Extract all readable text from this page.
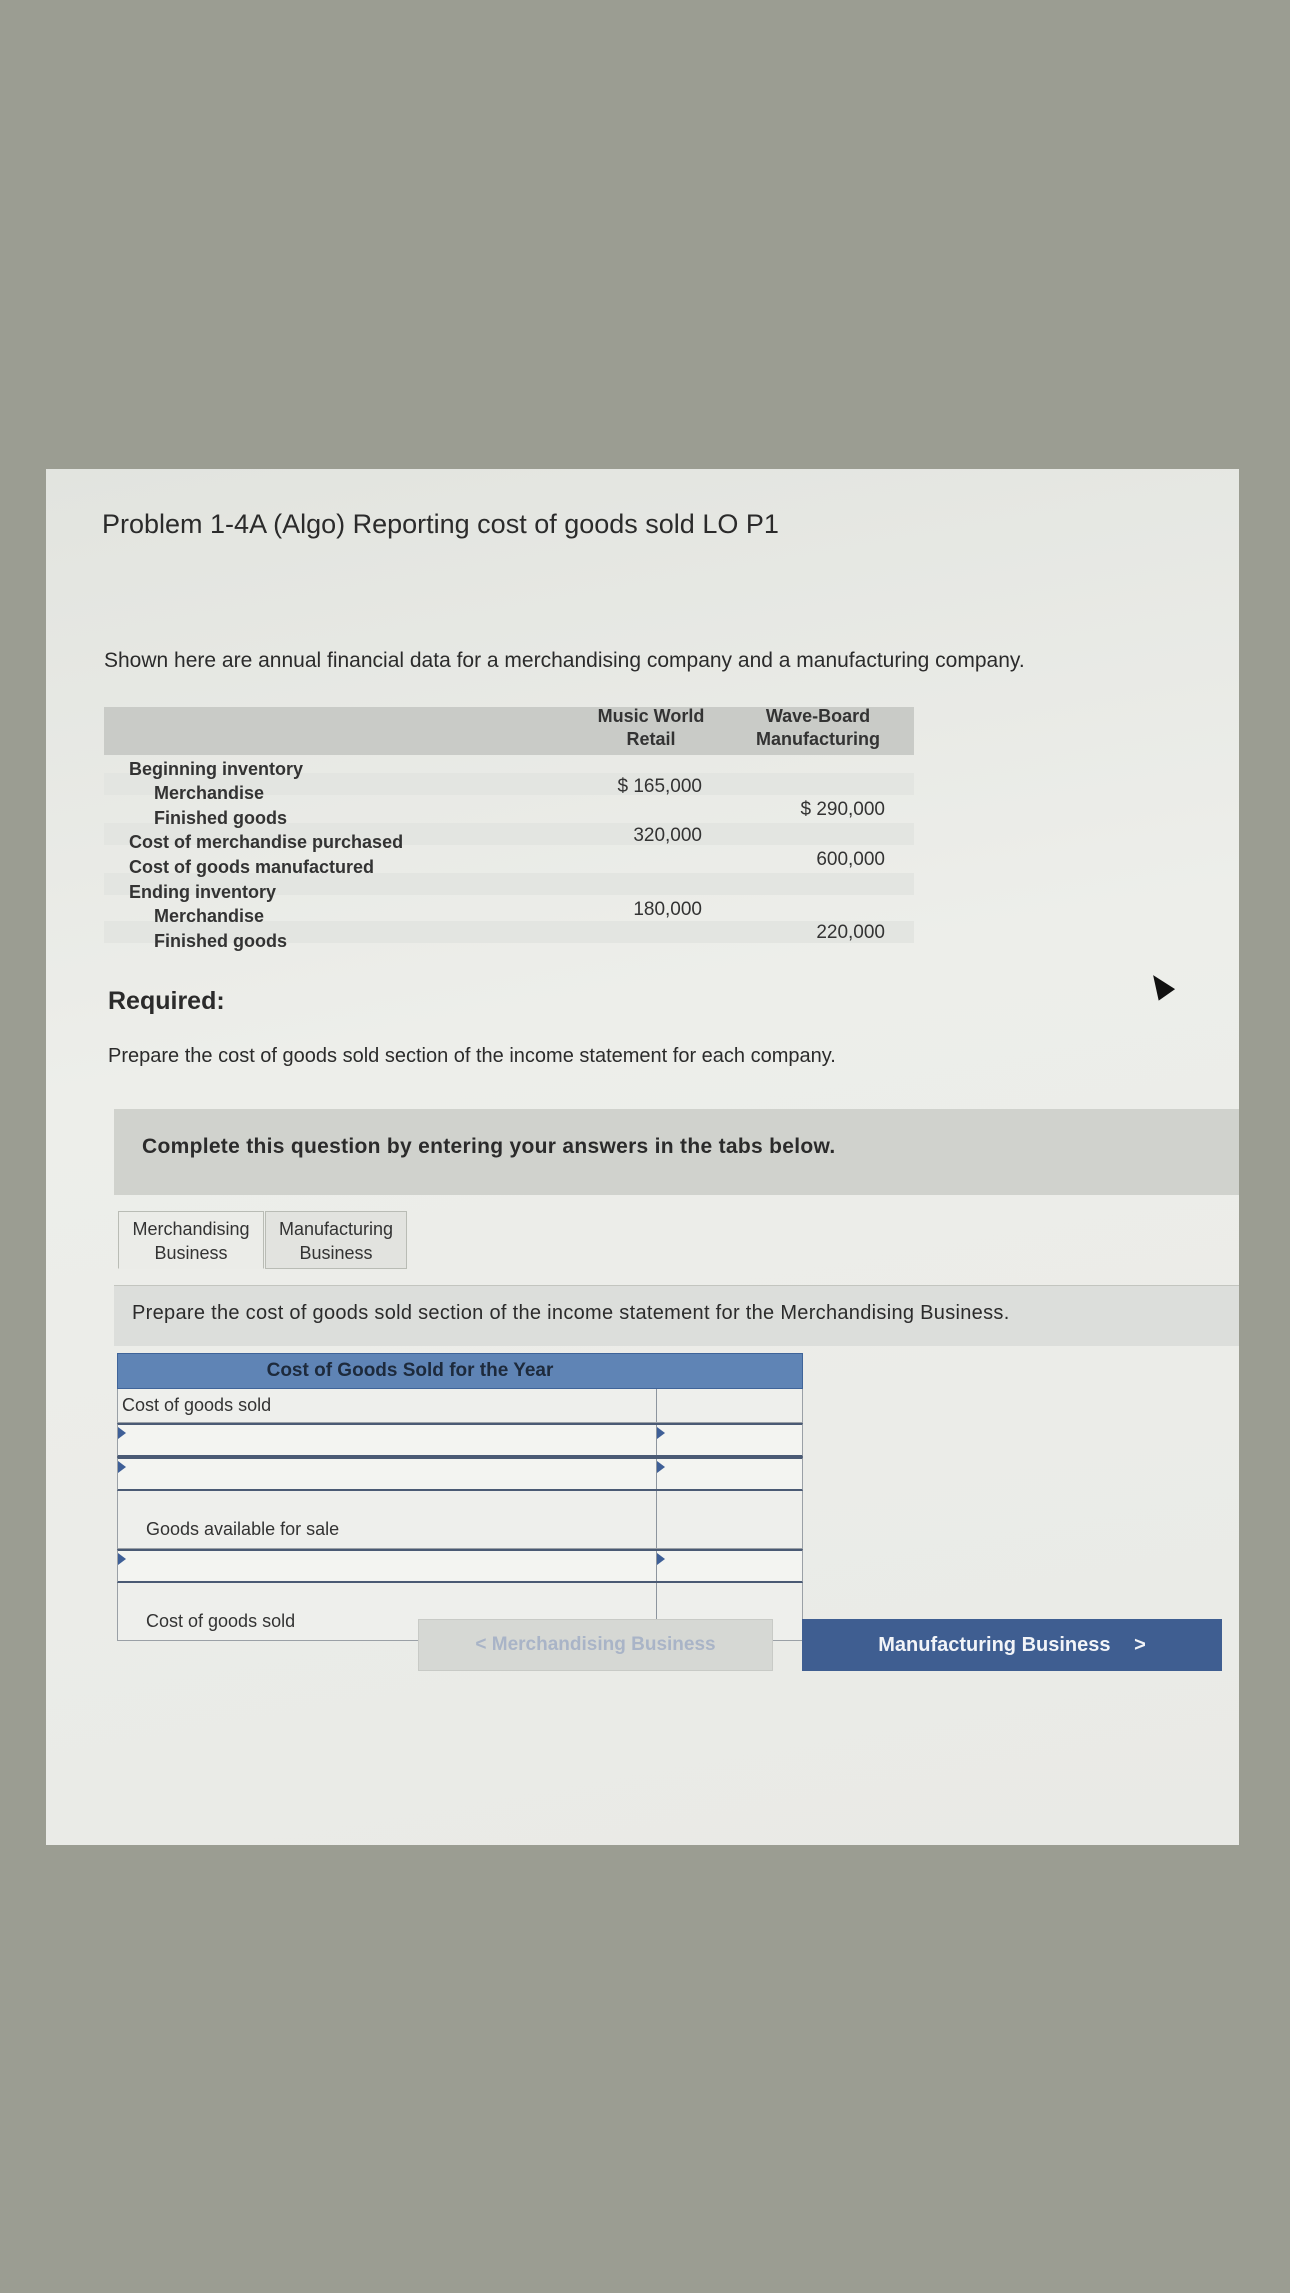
Problem 1-4A (Algo) Reporting cost of goods sold LO P1
Shown here are annual financial data for a merchandising company and a manufacturing company.
Music World
Retail
Wave-Board
Manufacturing
Beginning inventory
Merchandise
Finished goods
Cost of merchandise purchased
Cost of goods manufactured
Ending inventory
Merchandise
Finished goods
$ 165,000
$ 290,000
320,000
600,000
180,000
220,000
Required:
Prepare the cost of goods sold section of the income statement for each company.
Complete this question by entering your answers in the tabs below.
Merchandising
Business
Manufacturing
Business
Prepare the cost of goods sold section of the income statement for the Merchandising Business.
Cost of Goods Sold for the Year
Cost of goods sold
Goods available for sale
Cost of goods sold
< Merchandising Business	Manufacturing Business >
